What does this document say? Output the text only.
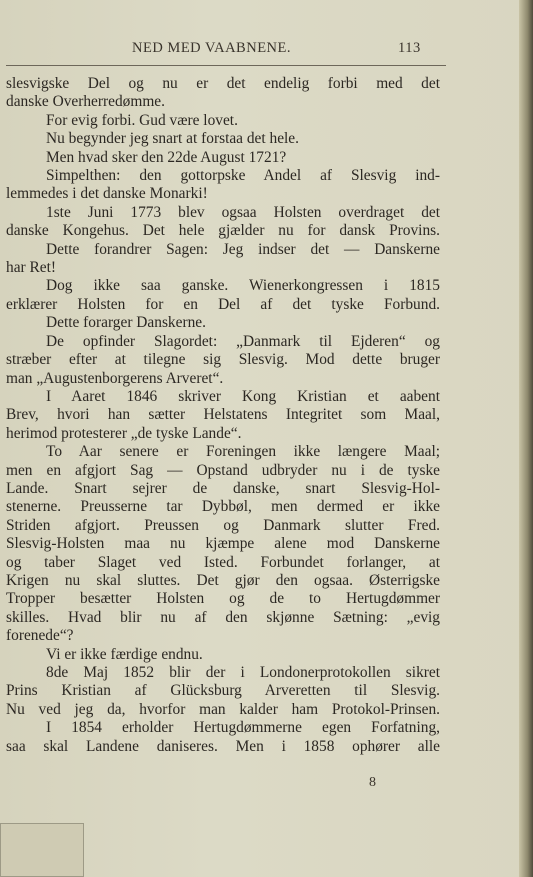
NED MED VAABNENE.	113
slesvigske Del og nu er det endelig forbi med det
danske Overherredømme.
For evig forbi. Gud være lovet.
Nu begynder jeg snart at forstaa det hele.
Men hvad sker den 22de August 1721?
Simpelthen: den gottorpske Andel af Slesvig ind-
lemmedes i det danske Monarki!
1ste Juni 1773 blev ogsaa Holsten overdraget det
danske Kongehus. Det hele gjælder nu for dansk Provins.
Dette forandrer Sagen: Jeg indser det — Danskerne
har Ret!
Dog ikke saa ganske. Wienerkongressen i 1815
erklærer Holsten for en Del af det tyske Forbund.
Dette forarger Danskerne.
De opfinder Slagordet: „Danmark til Ejderen“ og
stræber efter at tilegne sig Slesvig. Mod dette bruger
man „Augustenborgerens Arveret“.
I Aaret 1846 skriver Kong Kristian et aabent
Brev, hvori han sætter Helstatens Integritet som Maal,
herimod protesterer „de tyske Lande“.
To Aar senere er Foreningen ikke længere Maal;
men en afgjort Sag — Opstand udbryder nu i de tyske
Lande. Snart sejrer de danske, snart Slesvig-Hol-
stenerne. Preusserne tar Dybbøl, men dermed er ikke
Striden afgjort. Preussen og Danmark slutter Fred.
Slesvig-Holsten maa nu kjæmpe alene mod Danskerne
og taber Slaget ved Isted. Forbundet forlanger, at
Krigen nu skal sluttes. Det gjør den ogsaa. Østerrigske
Tropper besætter Holsten og de to Hertugdømmer
skilles. Hvad blir nu af den skjønne Sætning: „evig
forenede“?
Vi er ikke færdige endnu.
8de Maj 1852 blir der i Londonerprotokollen sikret
Prins Kristian af Glücksburg Arveretten til Slesvig.
Nu ved jeg da, hvorfor man kalder ham Protokol-Prinsen.
I 1854 erholder Hertugdømmerne egen Forfatning,
saa skal Landene daniseres. Men i 1858 ophører alle
8
